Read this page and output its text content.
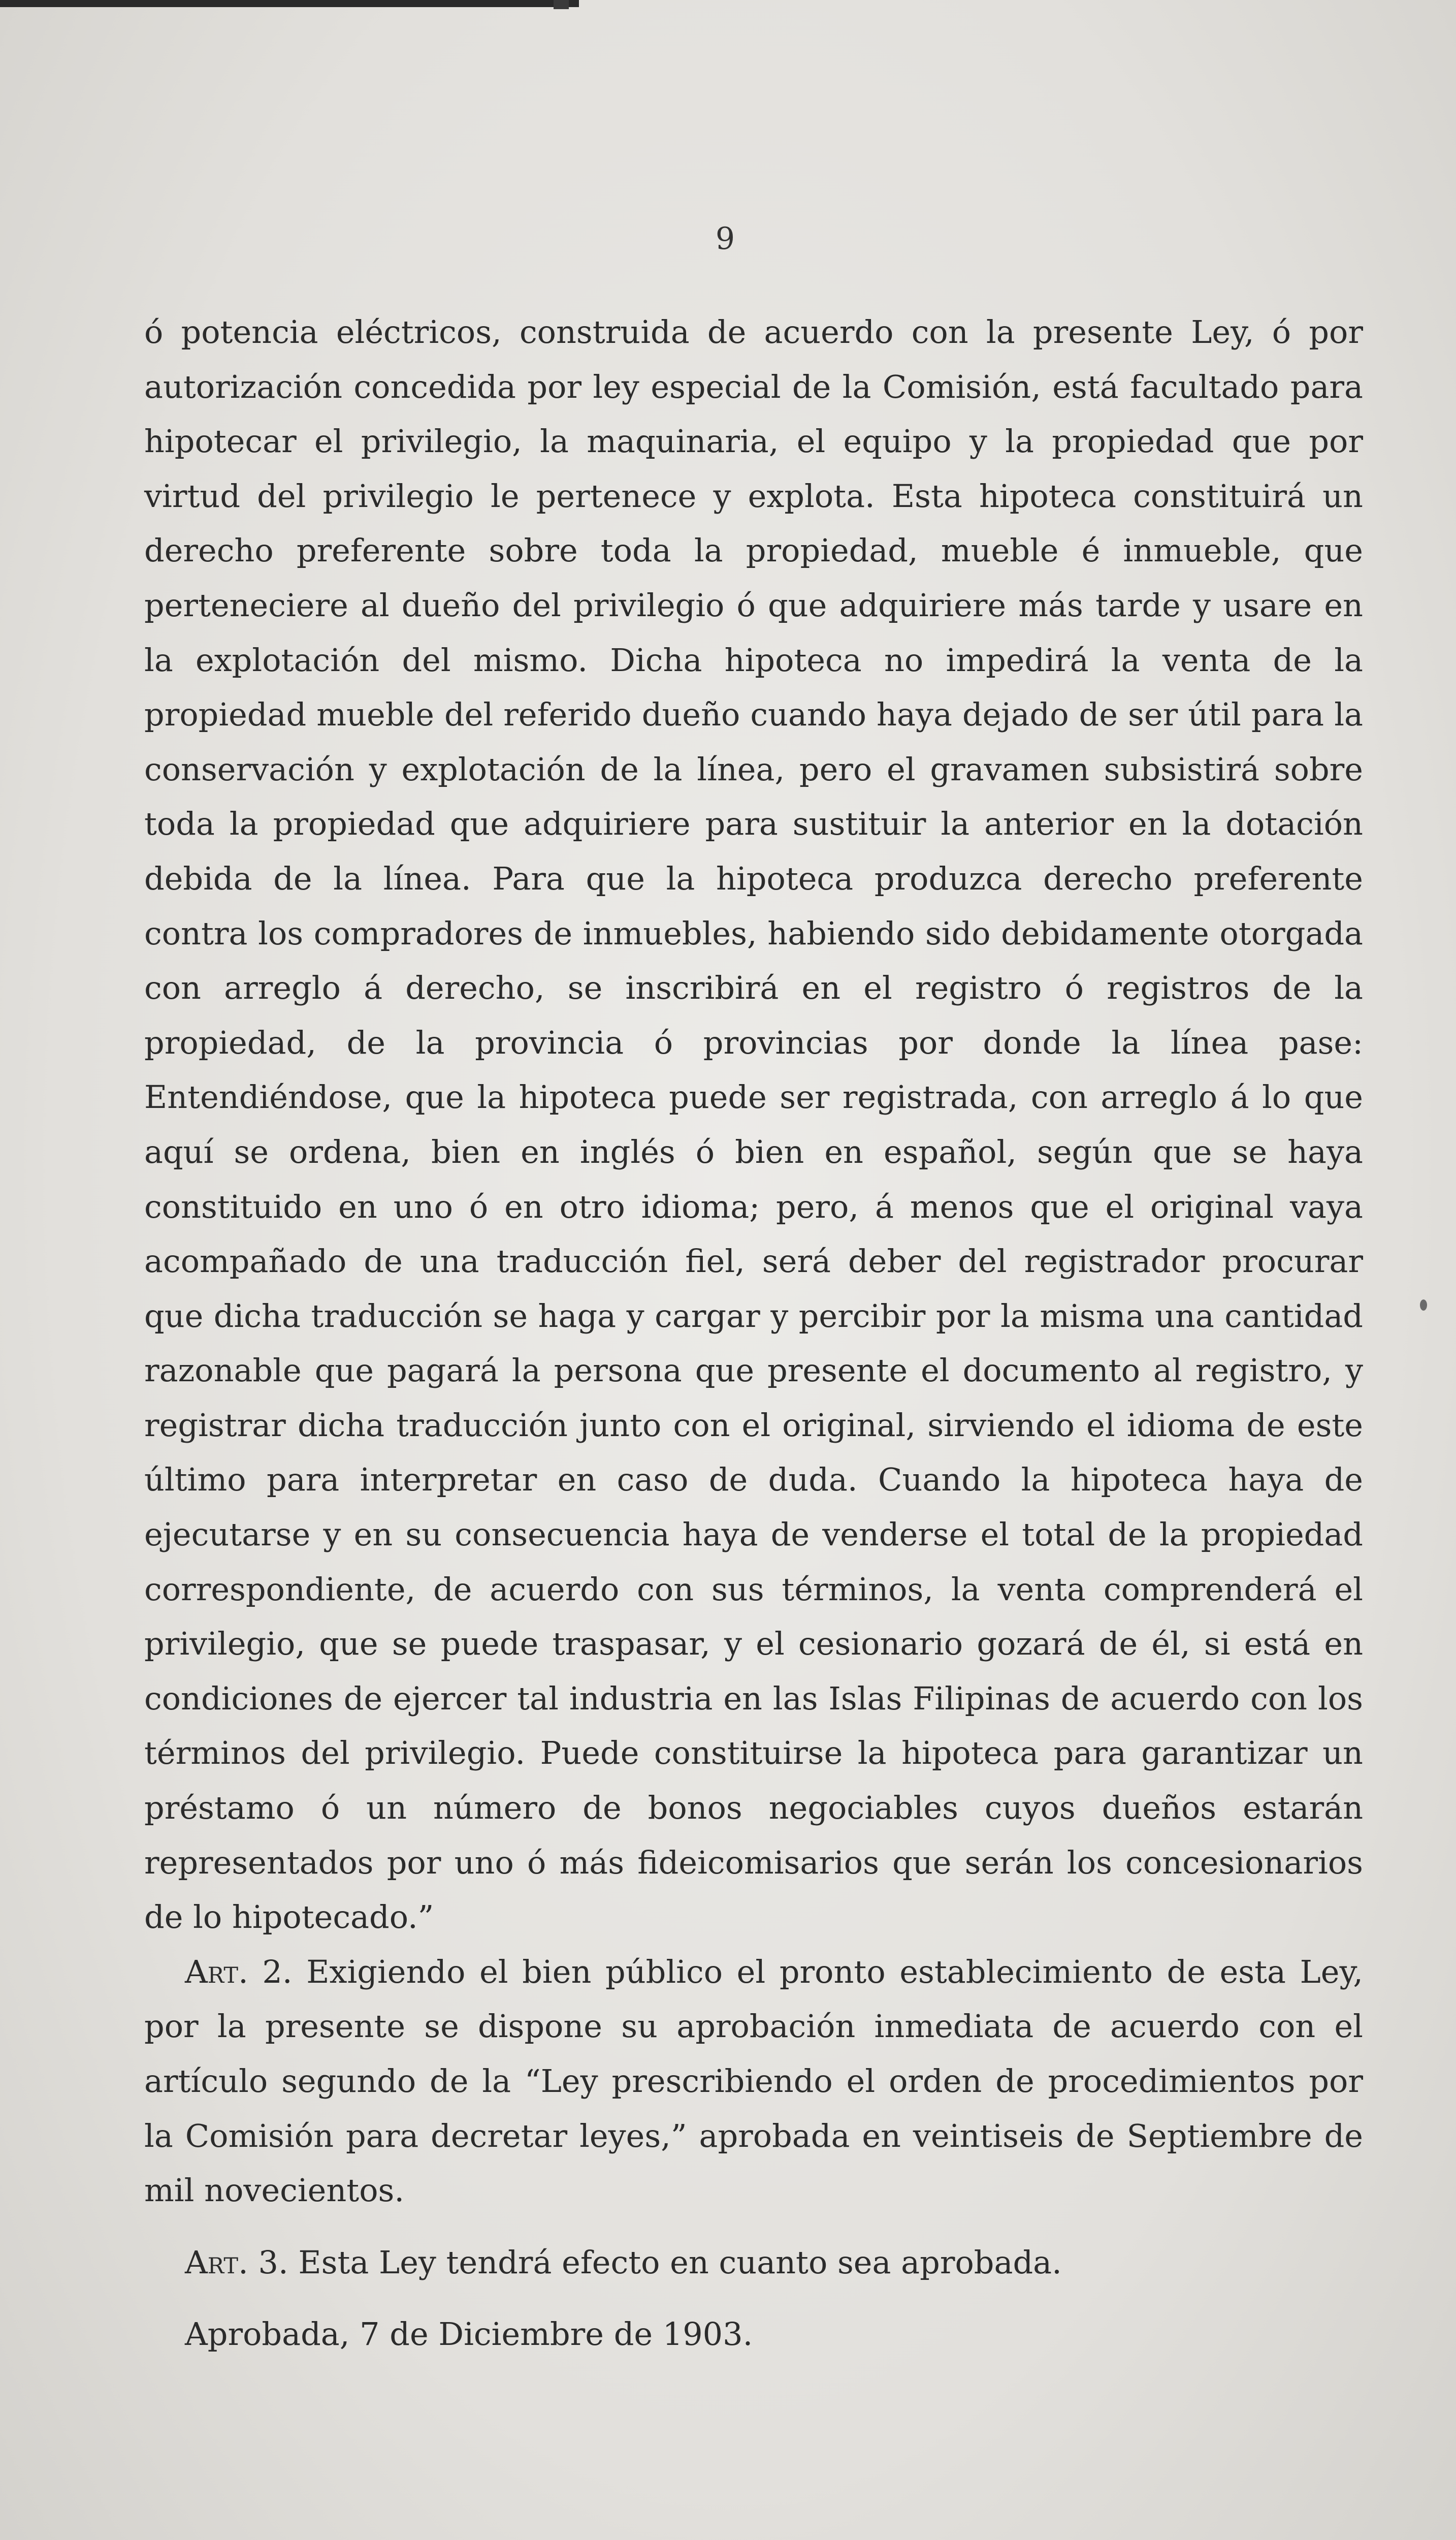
9

ó potencia eléctricos, construida de acuerdo con la presente Ley, ó por autorización concedida por ley especial de la Comisión, está facultado para hipotecar el privilegio, la maquinaria, el equipo y la propiedad que por virtud del privilegio le pertenece y explota. Esta hipoteca constituirá un derecho preferente sobre toda la propiedad, mueble é inmueble, que perteneciere al dueño del privilegio ó que adquiriere más tarde y usare en la explotación del mismo. Dicha hipoteca no impedirá la venta de la propiedad mueble del referido dueño cuando haya dejado de ser útil para la conservación y explotación de la línea, pero el gravamen subsistirá sobre toda la propiedad que adquiriere para sustituir la anterior en la dotación debida de la línea. Para que la hipoteca produzca derecho preferente contra los compradores de inmuebles, habiendo sido debidamente otorgada con arreglo á derecho, se inscribirá en el registro ó registros de la propiedad, de la provincia ó provincias por donde la línea pase: Entendiéndose, que la hipoteca puede ser registrada, con arreglo á lo que aquí se ordena, bien en inglés ó bien en español, según que se haya constituido en uno ó en otro idioma; pero, á menos que el original vaya acompañado de una traducción fiel, será deber del registrador procurar que dicha traducción se haga y cargar y percibir por la misma una cantidad razonable que pagará la persona que presente el documento al registro, y registrar dicha traducción junto con el original, sirviendo el idioma de este último para interpretar en caso de duda. Cuando la hipoteca haya de ejecutarse y en su consecuencia haya de venderse el total de la propiedad correspondiente, de acuerdo con sus términos, la venta comprenderá el privilegio, que se puede traspasar, y el cesionario gozará de él, si está en condiciones de ejercer tal industria en las Islas Filipinas de acuerdo con los términos del privilegio. Puede constituirse la hipoteca para garantizar un préstamo ó un número de bonos negociables cuyos dueños estarán representados por uno ó más fideicomisarios que serán los concesionarios de lo hipotecado.”

Art. 2. Exigiendo el bien público el pronto establecimiento de esta Ley, por la presente se dispone su aprobación inmediata de acuerdo con el artículo segundo de la “Ley prescribiendo el orden de procedimientos por la Comisión para decretar leyes,” aprobada en veintiseis de Septiembre de mil novecientos.

Art. 3. Esta Ley tendrá efecto en cuanto sea aprobada.

Aprobada, 7 de Diciembre de 1903.
